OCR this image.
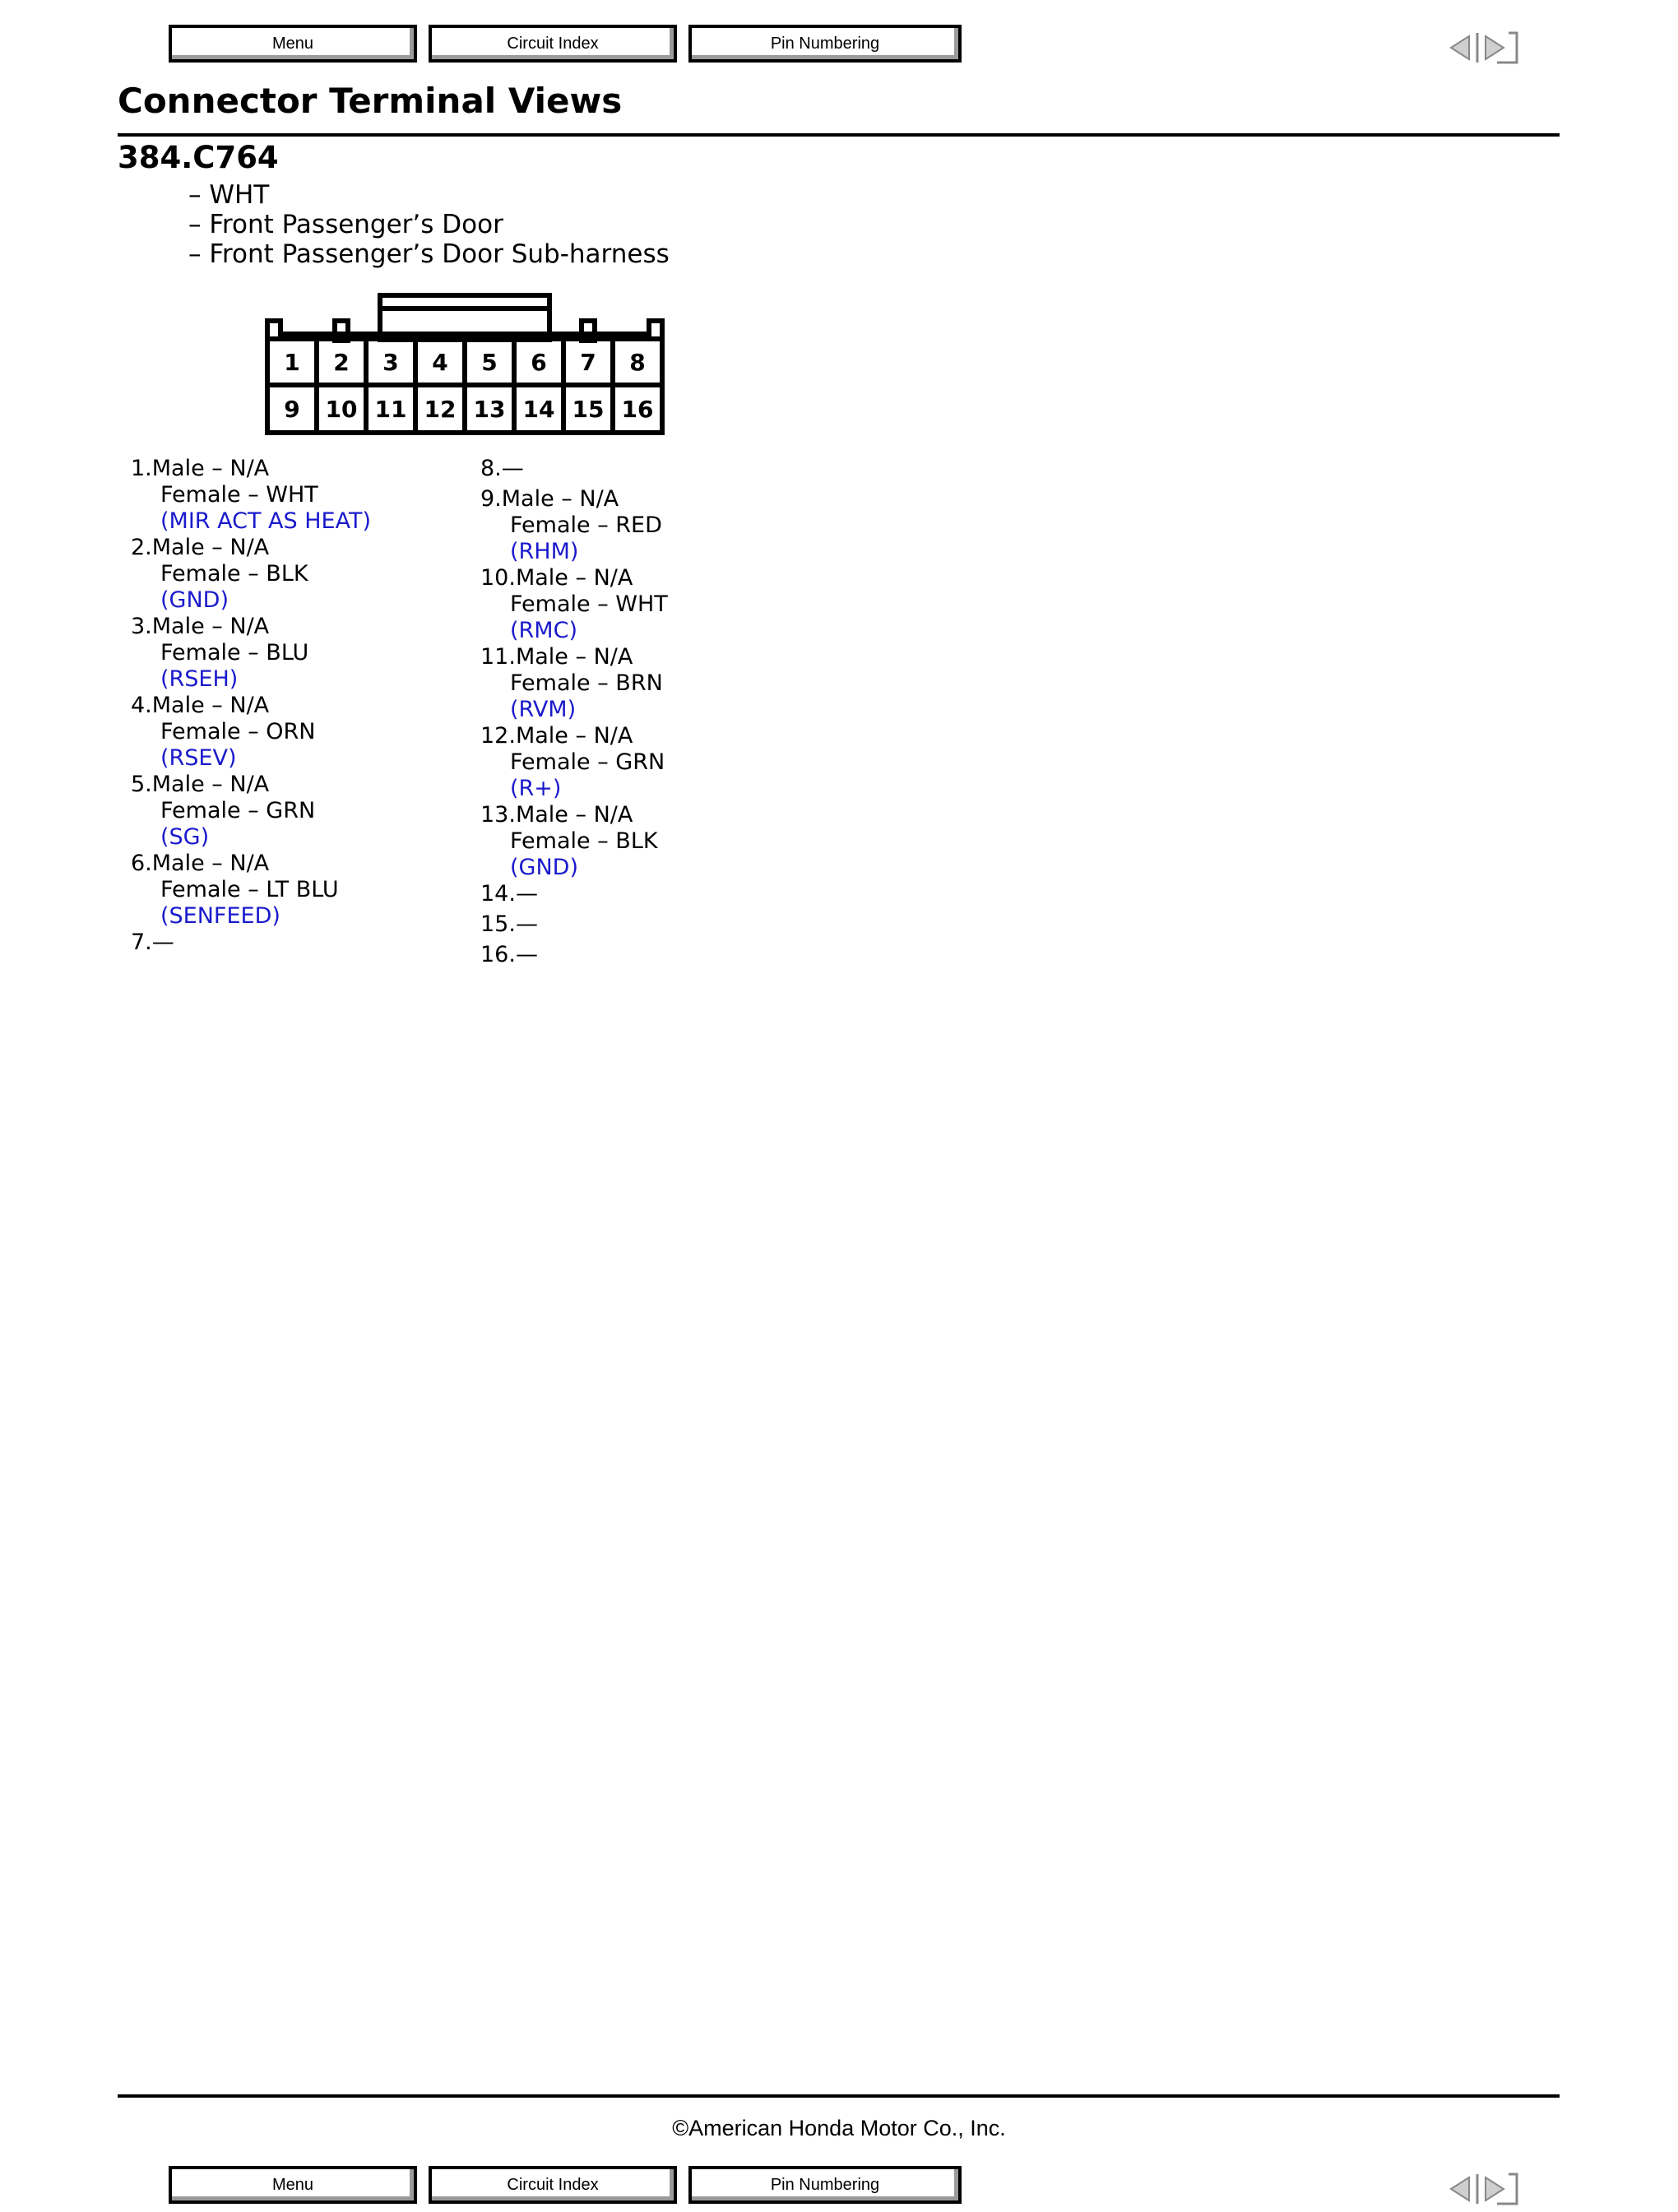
Menu	Circuit Index	Pin Numbering
Connector Terminal Views
384.C764
– WHT
– Front Passenger’s Door
– Front Passenger’s Door Sub-harness
1 2 3 4 5 6 7 8
9 10 11 12 13 14 15 16
1.Male – N/A
Female – WHT
(MIR ACT AS HEAT)
2.Male – N/A
Female – BLK
(GND)
3.Male – N/A
Female – BLU
(RSEH)
4.Male – N/A
Female – ORN
(RSEV)
5.Male – N/A
Female – GRN
(SG)
6.Male – N/A
Female – LT BLU
(SENFEED)
7.—
8.—
9.Male – N/A
Female – RED
(RHM)
10.Male – N/A
Female – WHT
(RMC)
11.Male – N/A
Female – BRN
(RVM)
12.Male – N/A
Female – GRN
(R+)
13.Male – N/A
Female – BLK
(GND)
14.—
15.—
16.—
©American Honda Motor Co., Inc.
Menu	Circuit Index	Pin Numbering
